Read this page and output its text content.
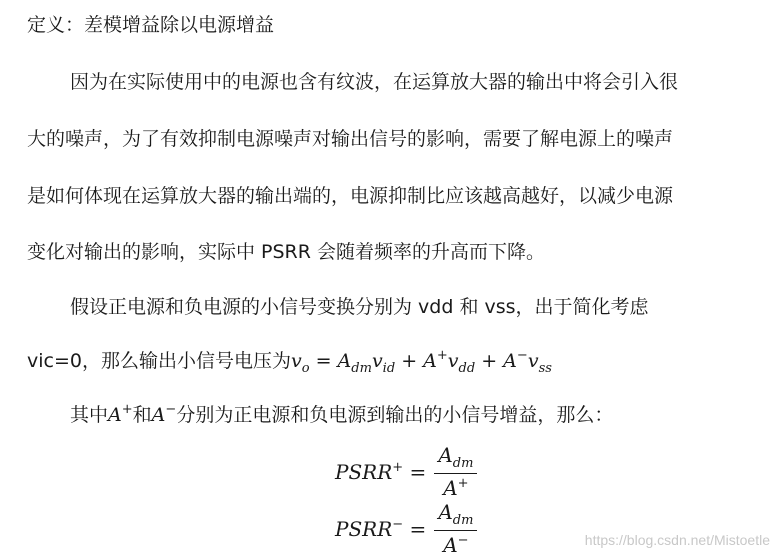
定义：差模增益除以电源增益
因为在实际使用中的电源也含有纹波，在运算放大器的输出中将会引入很
大的噪声，为了有效抑制电源噪声对输出信号的影响，需要了解电源上的噪声
是如何体现在运算放大器的输出端的，电源抑制比应该越高越好，以减少电源
变化对输出的影响，实际中 PSRR 会随着频率的升高而下降。
假设正电源和负电源的小信号变换分别为 vdd 和 vss，出于简化考虑
vic=0，那么输出小信号电压为$v_o = A_{dm}v_{id} + A^+v_{dd} + A^-v_{ss}$
其中A+和A−分别为正电源和负电源到输出的小信号增益，那么：
PSRR+ = $\frac{A_{dm}}{A^+}$
PSRR− = $\frac{A_{dm}}{A^-}$	https://blog.csdn.net/Mistoetle
